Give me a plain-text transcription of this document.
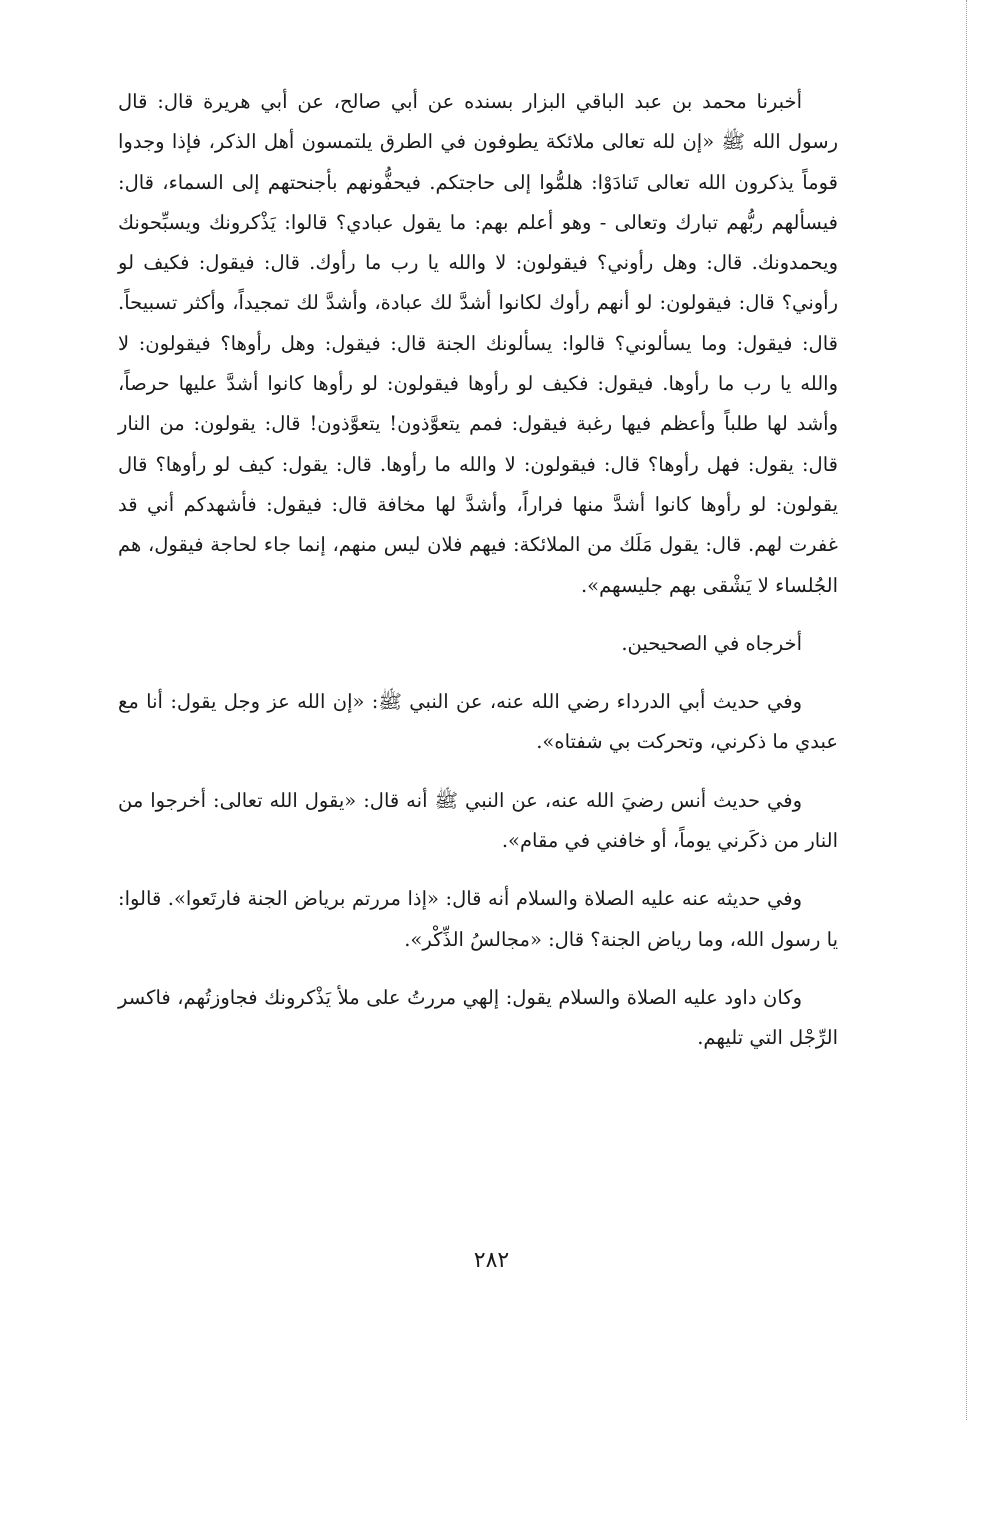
أخبرنا محمد بن عبد الباقي البزار بسنده عن أبي صالح، عن أبي هريرة قال: قال رسول الله ﷺ «إن لله تعالى ملائكة يطوفون في الطرق يلتمسون أهل الذكر، فإذا وجدوا قوماً يذكرون الله تعالى تَنادَوْا: هلمُّوا إلى حاجتكم. فيحفُّونهم بأجنحتهم إلى السماء، قال: فيسألهم ربُّهم تبارك وتعالى - وهو أعلم بهم: ما يقول عبادي؟ قالوا: يَذْكرونك ويسبِّحونك ويحمدونك. قال: وهل رأوني؟ فيقولون: لا والله يا رب ما رأوك. قال: فيقول: فكيف لو رأوني؟ قال: فيقولون: لو أنهم رأوك لكانوا أشدَّ لك عبادة، وأشدَّ لك تمجيداً، وأكثر تسبيحاً. قال: فيقول: وما يسألوني؟ قالوا: يسألونك الجنة قال: فيقول: وهل رأوها؟ فيقولون: لا والله يا رب ما رأوها. فيقول: فكيف لو رأوها فيقولون: لو رأوها كانوا أشدَّ عليها حرصاً، وأشد لها طلباً وأعظم فيها رغبة فيقول: فمم يتعوَّذون! يتعوَّذون! قال: يقولون: من النار قال: يقول: فهل رأوها؟ قال: فيقولون: لا والله ما رأوها. قال: يقول: كيف لو رأوها؟ قال يقولون: لو رأوها كانوا أشدَّ منها فراراً، وأشدَّ لها مخافة قال: فيقول: فأشهدكم أني قد غفرت لهم. قال: يقول مَلَك من الملائكة: فيهم فلان ليس منهم، إنما جاء لحاجة فيقول، هم الجُلساء لا يَشْقى بهم جليسهم».

أخرجاه في الصحيحين.

وفي حديث أبي الدرداء رضي الله عنه، عن النبي ﷺ: «إن الله عز وجل يقول: أنا مع عبدي ما ذكرني، وتحركت بي شفتاه».

وفي حديث أنس رضيَ الله عنه، عن النبي ﷺ أنه قال: «يقول الله تعالى: أخرجوا من النار من ذكَرني يوماً، أو خافني في مقام».

وفي حديثه عنه عليه الصلاة والسلام أنه قال: «إذا مررتم برياض الجنة فارتَعوا». قالوا: يا رسول الله، وما رياض الجنة؟ قال: «مجالسُ الذِّكْر».

وكان داود عليه الصلاة والسلام يقول: إلهي مررتُ على ملأ يَذْكرونك فجاوزتُهم، فاكسر الرِّجْل التي تليهم.

٢٨٢
